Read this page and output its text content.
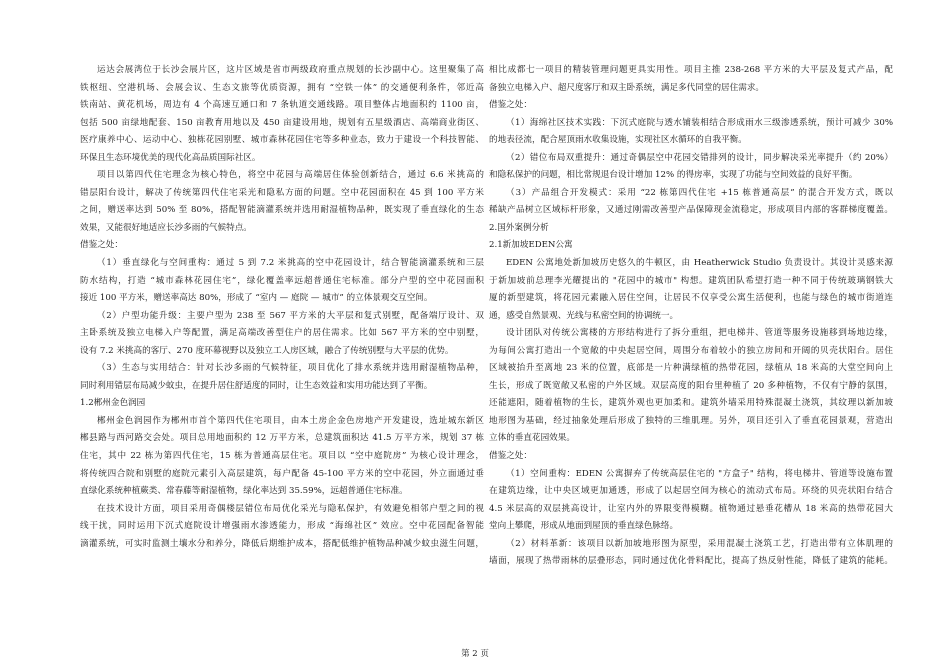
运达会展湾位于长沙会展片区，这片区域是省市两级政府重点规划的长沙副中心。这里聚集了高
铁枢纽、空港机场、会展会议、生态文旅等优质资源，拥有 “空铁一体” 的交通便利条件，邻近高
铁南站、黄花机场，周边有 4 个高速互通口和 7 条轨道交通线路。项目整体占地面积约 1100 亩，
包括 500 亩绿地配套、150 亩教育用地以及 450 亩建设用地，规划有五星级酒店、高端商业街区、
医疗康养中心、运动中心、独栋花园别墅、城市森林花园住宅等多种业态，致力于建设一个科技智能、
环保且生态环境优美的现代化高品质国际社区。
项目以第四代住宅理念为核心特色，将空中花园与高端居住体验创新结合，通过 6.6 米挑高的
错层阳台设计，解决了传统第四代住宅采光和隐私方面的问题。空中花园面积在 45 到 100 平方米
之间，赠送率达到 50% 至 80%，搭配智能滴灌系统并选用耐湿植物品种，既实现了垂直绿化的生态
效果，又能很好地适应长沙多雨的气候特点。
借鉴之处：
（1）垂直绿化与空间重构：通过 5 到 7.2 米挑高的空中花园设计，结合智能滴灌系统和三层
防水结构，打造 “城市森林花园住宅”，绿化覆盖率远超普通住宅标准。部分户型的空中花园面积
接近 100 平方米，赠送率高达 80%，形成了 “室内 — 庭院 — 城市” 的立体景观交互空间。
（2）户型功能升级：主要户型为 238 至 567 平方米的大平层和复式别墅，配备端厅设计、双
主卧系统及独立电梯入户等配置，满足高端改善型住户的居住需求。比如 567 平方米的空中别墅，
设有 7.2 米挑高的客厅、270 度环幕视野以及独立工人房区域，融合了传统别墅与大平层的优势。
（3）生态与实用结合：针对长沙多雨的气候特征，项目优化了排水系统并选用耐湿植物品种，
同时利用错层布局减少蚊虫，在提升居住舒适度的同时，让生态效益和实用功能达到了平衡。
1.2郴州金色润园
郴州金色润园作为郴州市首个第四代住宅项目，由本土房企金色房地产开发建设，选址城东新区
郴县路与西河路交会处。项目总用地面积约 12 万平方米，总建筑面积达 41.5 万平方米，规划 37 栋
住宅，其中 22 栋为第四代住宅，15 栋为普通高层住宅。项目以 “空中庭院房” 为核心设计理念，
将传统四合院和别墅的庭院元素引入高层建筑，每户配备 45-100 平方米的空中花园，外立面通过垂
直绿化系统种植蕨类、常春藤等耐湿植物，绿化率达到 35.59%，远超普通住宅标准。
在技术设计方面，项目采用奇偶楼层错位布局优化采光与隐私保护，有效避免相邻户型之间的视
线干扰，同时运用下沉式庭院设计增强雨水渗透能力，形成 “海绵社区” 效应。空中花园配备智能
滴灌系统，可实时监测土壤水分和养分，降低后期维护成本，搭配低维护植物品种减少蚊虫滋生问题，
相比成都七一项目的精装管理问题更具实用性。项目主推 238-268 平方米的大平层及复式产品，配
备独立电梯入户、超尺度客厅和双主卧系统，满足多代同堂的居住需求。
借鉴之处：
（1）海绵社区技术实践：下沉式庭院与透水铺装相结合形成雨水三级渗透系统，预计可减少 30%
的地表径流，配合屋顶雨水收集设施，实现社区水循环的自我平衡。
（2）错位布局双重提升：通过奇偶层空中花园交错排列的设计，同步解决采光率提升（约 20%）
和隐私保护的问题，相比常规退台设计增加 12% 的得房率，实现了功能与空间效益的良好平衡。
（3）产品组合开发模式：采用 “22 栋第四代住宅 +15 栋普通高层” 的混合开发方式，既以
稀缺产品树立区域标杆形象，又通过刚需改善型产品保障现金流稳定，形成项目内部的客群梯度覆盖。
2.国外案例分析
2.1新加坡EDEN公寓
EDEN 公寓地处新加坡历史悠久的牛顿区，由 Heatherwick Studio 负责设计。其设计灵感来源
于新加坡前总理李光耀提出的 "花园中的城市" 构想。建筑团队希望打造一种不同于传统玻璃钢铁大
厦的新型建筑，将花园元素融入居住空间，让居民不仅享受公寓生活便利，也能与绿色的城市街道连
通，感受自然景观、光线与私密空间的协调统一。
设计团队对传统公寓楼的方形结构进行了拆分重组，把电梯井、管道等服务设施移到场地边缘，
为每间公寓打造出一个宽敞的中央起居空间，周围分布着较小的独立房间和开阔的贝壳状阳台。居住
区域被抬升至离地 23 米的位置，底部是一片种满绿植的热带花园，绿植从 18 米高的大堂空间向上
生长，形成了既宽敞又私密的户外区域。双层高度的阳台里种植了 20 多种植物，不仅有宁静的氛围，
还能遮阳，随着植物的生长，建筑外观也更加柔和。建筑外墙采用特殊混凝土浇筑，其纹理以新加坡
地形图为基础，经过抽象处理后形成了独特的三维肌理。另外，项目还引入了垂直花园景观，营造出
立体的垂直花园效果。
借鉴之处：
（1）空间重构：EDEN 公寓摒弃了传统高层住宅的 "方盒子" 结构，将电梯井、管道等设施布置
在建筑边缘，让中央区域更加通透，形成了以起居空间为核心的流动式布局。环绕的贝壳状阳台结合
4.5 米层高的双层挑高设计，让室内外的界限变得模糊。植物通过悬垂花槽从 18 米高的热带花园大
堂向上攀爬，形成从地面到屋顶的垂直绿色脉络。
（2）材料革新：该项目以新加坡地形图为原型，采用混凝土浇筑工艺，打造出带有立体肌理的
墙面，展现了热带雨林的层叠形态，同时通过优化骨料配比，提高了热反射性能，降低了建筑的能耗。
第 2 页
